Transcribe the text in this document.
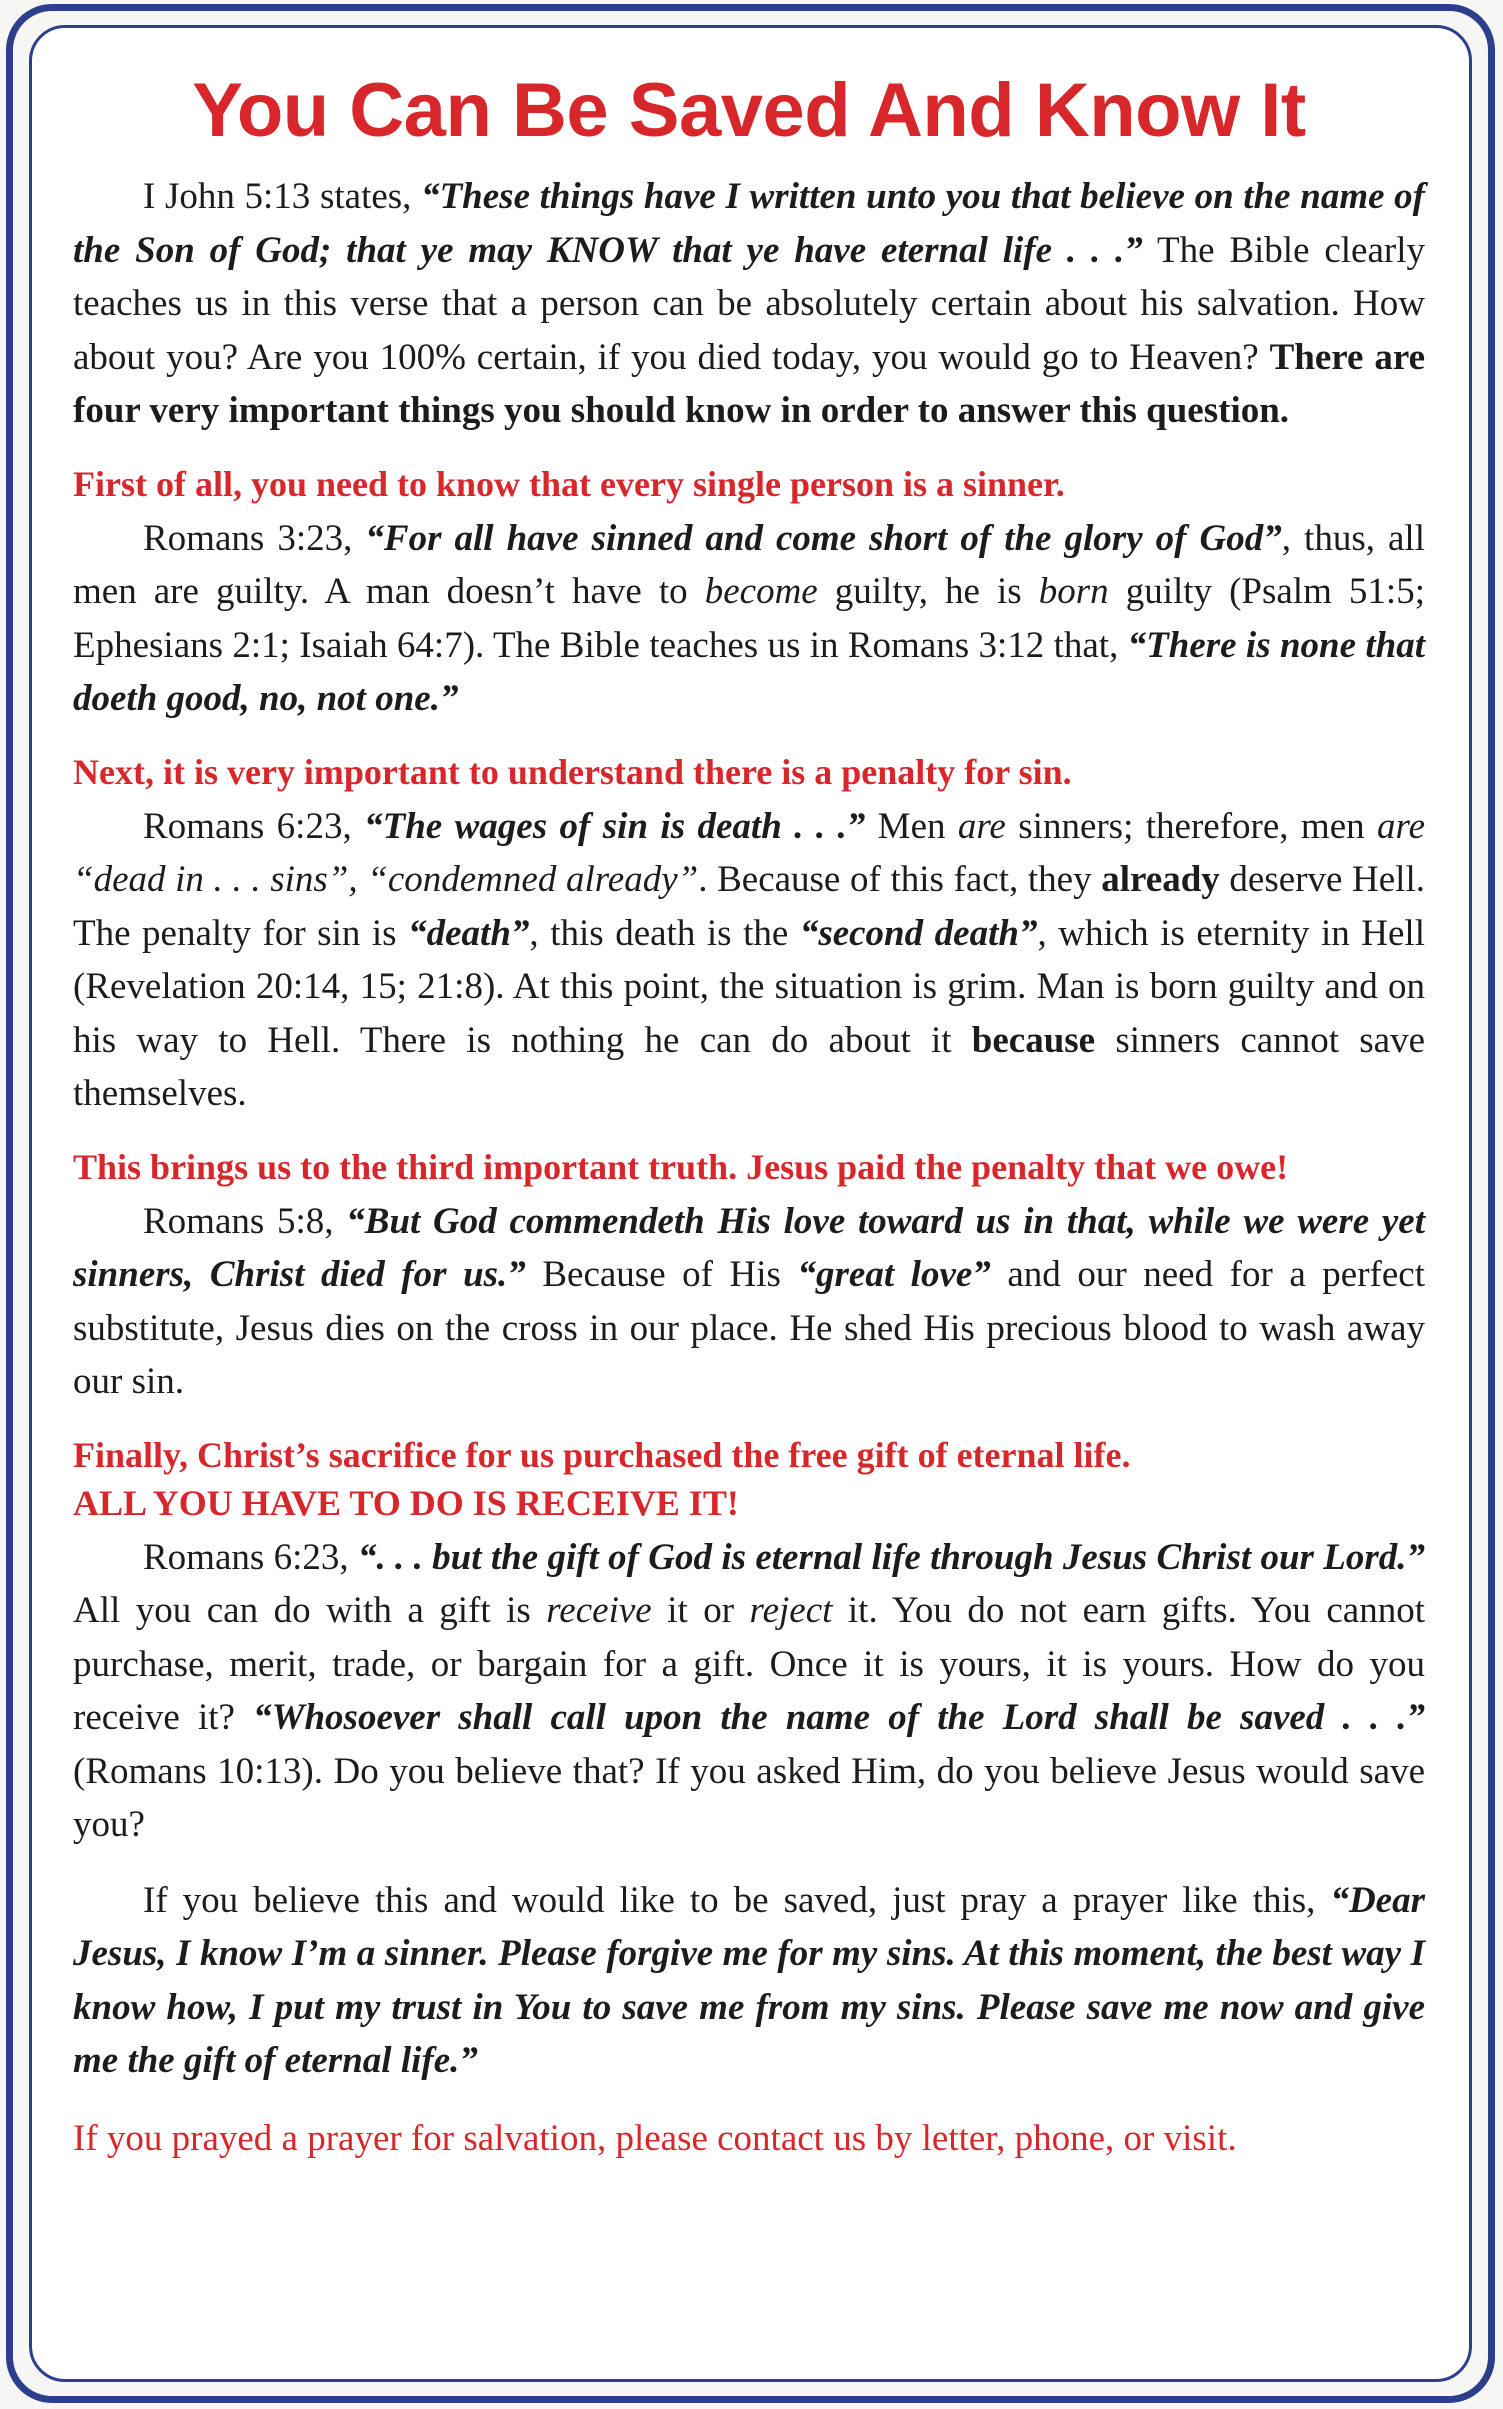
You Can Be Saved And Know It

I John 5:13 states, “These things have I written unto you that believe on the name of the Son of God; that ye may KNOW that ye have eternal life . . .” The Bible clearly teaches us in this verse that a person can be absolutely certain about his salvation. How about you? Are you 100% certain, if you died today, you would go to Heaven? There are four very important things you should know in order to answer this question.

First of all, you need to know that every single person is a sinner.

Romans 3:23, “For all have sinned and come short of the glory of God”, thus, all men are guilty. A man doesn’t have to become guilty, he is born guilty (Psalm 51:5; Ephesians 2:1; Isaiah 64:7). The Bible teaches us in Romans 3:12 that, “There is none that doeth good, no, not one.”

Next, it is very important to understand there is a penalty for sin.

Romans 6:23, “The wages of sin is death . . .” Men are sinners; therefore, men are “dead in . . . sins”, “condemned already”. Because of this fact, they already deserve Hell. The penalty for sin is “death”, this death is the “second death”, which is eternity in Hell (Revelation 20:14, 15; 21:8). At this point, the situation is grim. Man is born guilty and on his way to Hell. There is nothing he can do about it because sinners cannot save themselves.

This brings us to the third important truth. Jesus paid the penalty that we owe!

Romans 5:8, “But God commendeth His love toward us in that, while we were yet sinners, Christ died for us.” Because of His “great love” and our need for a perfect substitute, Jesus dies on the cross in our place. He shed His precious blood to wash away our sin.

Finally, Christ’s sacrifice for us purchased the free gift of eternal life.
ALL YOU HAVE TO DO IS RECEIVE IT!

Romans 6:23, “. . . but the gift of God is eternal life through Jesus Christ our Lord.” All you can do with a gift is receive it or reject it. You do not earn gifts. You cannot purchase, merit, trade, or bargain for a gift. Once it is yours, it is yours. How do you receive it? “Whosoever shall call upon the name of the Lord shall be saved . . .” (Romans 10:13). Do you believe that? If you asked Him, do you believe Jesus would save you?

If you believe this and would like to be saved, just pray a prayer like this, “Dear Jesus, I know I’m a sinner. Please forgive me for my sins. At this moment, the best way I know how, I put my trust in You to save me from my sins. Please save me now and give me the gift of eternal life.”

If you prayed a prayer for salvation, please contact us by letter, phone, or visit.
